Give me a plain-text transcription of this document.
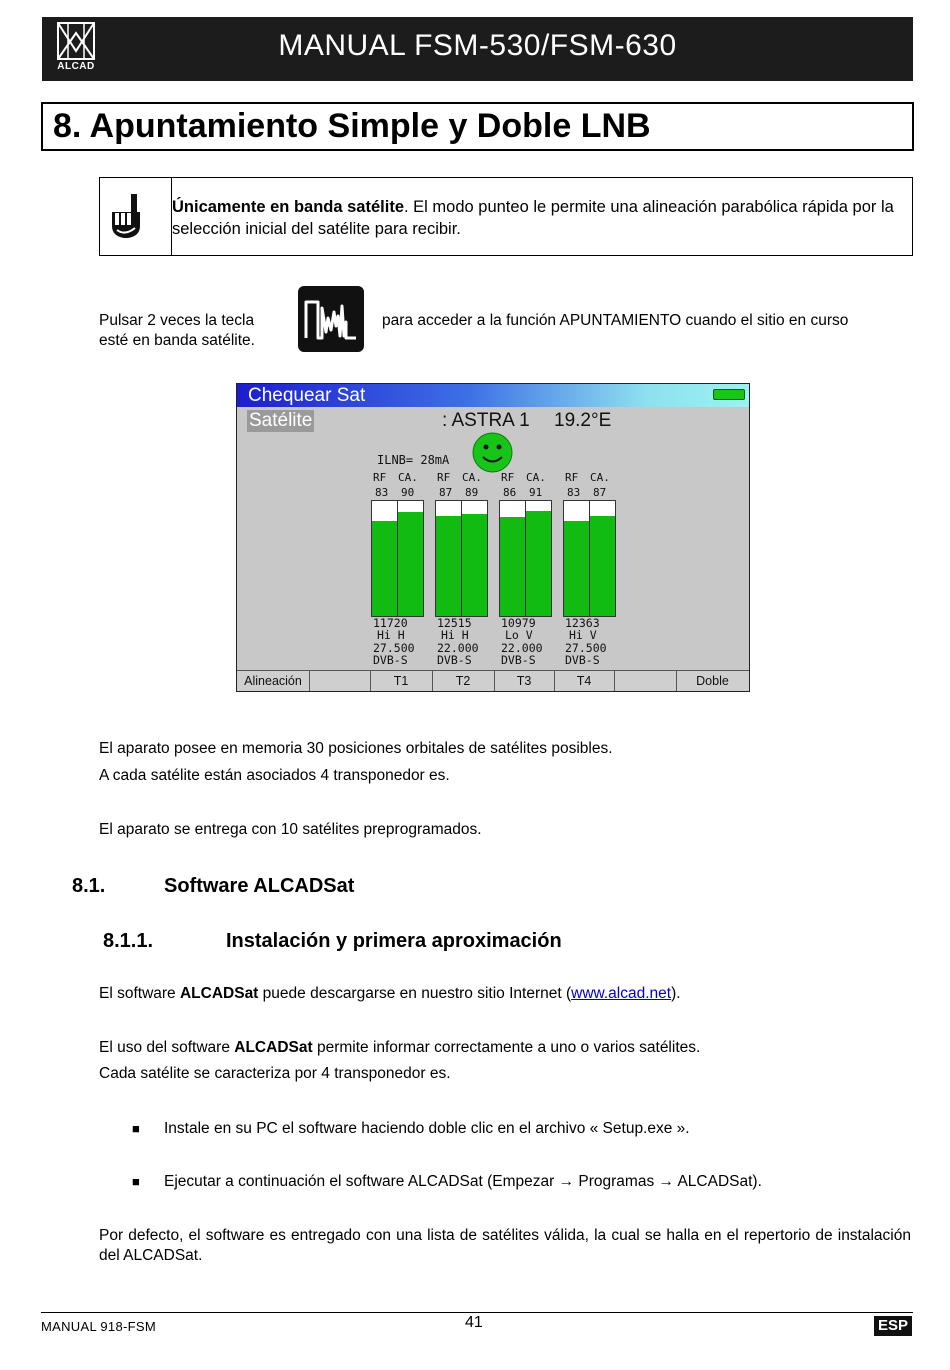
ALCAD
MANUAL FSM-530/FSM-630
8. Apuntamiento Simple y Doble LNB
Únicamente en banda satélite. El modo punteo le permite una alineación parabólica rápida por la selección inicial del satélite para recibir.
Pulsar 2 veces la tecla
esté en banda satélite.
para acceder a la función APUNTAMIENTO cuando el sitio en curso
Chequear Sat
Satélite	: ASTRA 1 19.2°E
ILNB= 28mA
Alineación	T1	T2	T3	T4	Doble
RF CA.
83 90
11720
Hi H
27.500
DVB-S
RF CA.
87 89
12515
Hi H
22.000
DVB-S
RF CA.
86 91
10979
Lo V
22.000
DVB-S
RF CA.
83 87
12363
Hi V
27.500
DVB-S
El aparato posee en memoria 30 posiciones orbitales de satélites posibles.
A cada satélite están asociados 4 transponedor es.
El aparato se entrega con 10 satélites preprogramados.
8.1.	Software ALCADSat
8.1.1.	Instalación y primera aproximación
El software ALCADSat puede descargarse en nuestro sitio Internet (www.alcad.net).
El uso del software ALCADSat permite informar correctamente a uno o varios satélites.
Cada satélite se caracteriza por 4 transponedor es.
■ Instale en su PC el software haciendo doble clic en el archivo « Setup.exe ».
■ Ejecutar a continuación el software ALCADSat (Empezar → Programas → ALCADSat).
Por defecto, el software es entregado con una lista de satélites válida, la cual se halla en el repertorio de instalación del ALCADSat.
MANUAL 918-FSM	41	ESP
